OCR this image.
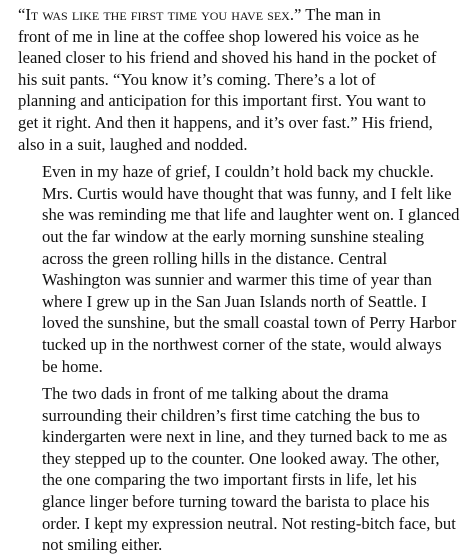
“It was like the first time you have sex.” The man in
front of me in line at the coffee shop lowered his voice as he
leaned closer to his friend and shoved his hand in the pocket of
his suit pants. “You know it’s coming. There’s a lot of
planning and anticipation for this important first. You want to
get it right. And then it happens, and it’s over fast.” His friend,
also in a suit, laughed and nodded.

Even in my haze of grief, I couldn’t hold back my chuckle.
Mrs. Curtis would have thought that was funny, and I felt like
she was reminding me that life and laughter went on. I glanced
out the far window at the early morning sunshine stealing
across the green rolling hills in the distance. Central
Washington was sunnier and warmer this time of year than
where I grew up in the San Juan Islands north of Seattle. I
loved the sunshine, but the small coastal town of Perry Harbor
tucked up in the northwest corner of the state, would always
be home.

The two dads in front of me talking about the drama
surrounding their children’s first time catching the bus to
kindergarten were next in line, and they turned back to me as
they stepped up to the counter. One looked away. The other,
the one comparing the two important firsts in life, let his
glance linger before turning toward the barista to place his
order. I kept my expression neutral. Not resting-bitch face, but
not smiling either.
